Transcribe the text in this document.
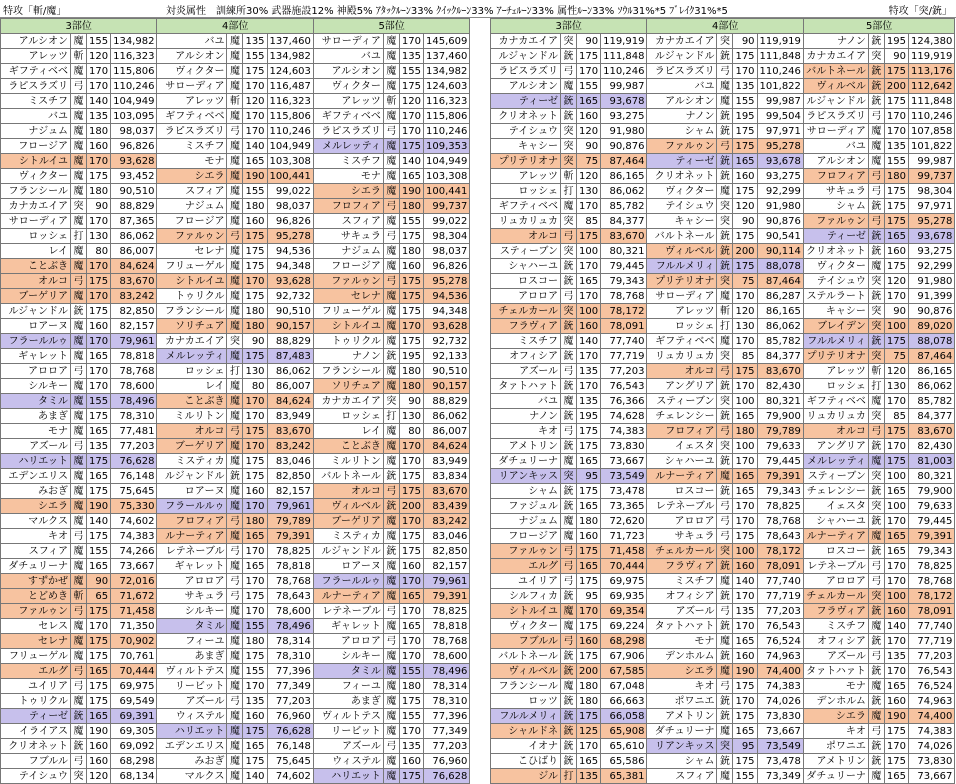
特攻「斬/魔」	対炎属性　訓練所30% 武器施設12% 神殿5% ｱﾀｯｸﾙｰﾝ33% ｸｲｯｸﾙｰﾝ33% ｱｰﾁｪﾙｰﾝ33% 属性ﾙｰﾝ33% ｿｳﾙ31%*5 ﾌﾞﾚｲｸ31%*5	特攻「突/銃」
3部位				4部位				5部位			
アルシオン	魔	155	134,982	バユ	魔	135	137,460	サローディア	魔	170	145,609
アレッツ	斬	120	116,323	アルシオン	魔	155	134,982	バユ	魔	135	137,460
ギフティベベ	魔	170	115,806	ヴィクター	魔	175	124,603	アルシオン	魔	155	134,982
ラピスラズリ	弓	170	110,246	サローディア	魔	170	116,487	ヴィクター	魔	175	124,603
ミスチフ	魔	140	104,949	アレッツ	斬	120	116,323	アレッツ	斬	120	116,323
バユ	魔	135	103,095	ギフティベベ	魔	170	115,806	ギフティベベ	魔	170	115,806
ナジュム	魔	180	98,037	ラピスラズリ	弓	170	110,246	ラピスラズリ	弓	170	110,246
フロージア	魔	160	96,826	ミスチフ	魔	140	104,949	メルレッティ	魔	175	109,353
シトルイユ	魔	170	93,628	モナ	魔	165	103,308	ミスチフ	魔	140	104,949
ヴィクター	魔	175	93,452	シエラ	魔	190	100,441	モナ	魔	165	103,308
フランシール	魔	180	90,510	スフィア	魔	155	99,022	シエラ	魔	190	100,441
カナカエイア	突	90	88,829	ナジュム	魔	180	98,037	フロフィア	弓	180	99,737
サローディア	魔	170	87,365	フロージア	魔	160	96,826	スフィア	魔	155	99,022
ロッシェ	打	130	86,062	ファルゥン	弓	175	95,278	サキュラ	弓	175	98,304
レイ	魔	80	86,007	セレナ	魔	175	94,536	ナジュム	魔	180	98,037
ことぶき	魔	170	84,624	フリューゲル	魔	175	94,348	フロージア	魔	160	96,826
オルコ	弓	175	83,670	シトルイユ	魔	170	93,628	ファルゥン	弓	175	95,278
ブーゲリア	魔	170	83,242	トゥリクル	魔	175	92,732	セレナ	魔	175	94,536
ルジャンドル	銃	175	82,850	フランシール	魔	180	90,510	フリューゲル	魔	175	94,348
ロアーヌ	魔	160	82,157	ソリチュア	魔	180	90,157	シトルイユ	魔	170	93,628
フラールルゥ	魔	170	79,961	カナカエイア	突	90	88,829	トゥリクル	魔	175	92,732
ギャレット	魔	165	78,818	メルレッティ	魔	175	87,483	ナノン	銃	195	92,133
アロロア	弓	170	78,768	ロッシェ	打	130	86,062	フランシール	魔	180	90,510
シルキー	魔	170	78,600	レイ	魔	80	86,007	ソリチュア	魔	180	90,157
タミル	魔	155	78,496	ことぶき	魔	170	84,624	カナカエイア	突	90	88,829
あまぎ	魔	175	78,310	ミルリトン	魔	170	83,949	ロッシェ	打	130	86,062
モナ	魔	165	77,481	オルコ	弓	175	83,670	レイ	魔	80	86,007
アズール	弓	135	77,203	ブーゲリア	魔	170	83,242	ことぶき	魔	170	84,624
ハリエット	魔	175	76,628	ミスティカ	魔	175	83,046	ミルリトン	魔	170	83,949
エデンエリス	魔	165	76,148	ルジャンドル	銃	175	82,850	バルトネール	銃	175	83,834
みおぎ	魔	175	75,645	ロアーヌ	魔	160	82,157	オルコ	弓	175	83,670
シエラ	魔	190	75,330	フラールルゥ	魔	170	79,961	ヴィルベル	銃	200	83,439
マルクス	魔	140	74,602	フロフィア	弓	180	79,789	ブーゲリア	魔	170	83,242
キオ	弓	175	74,383	ルナーティア	魔	165	79,391	ミスティカ	魔	175	83,046
スフィア	魔	155	74,266	レテネーブル	弓	170	78,825	ルジャンドル	銃	175	82,850
ダチュリーナ	魔	165	73,667	ギャレット	魔	165	78,818	ロアーヌ	魔	160	82,157
すずかぜ	魔	90	72,016	アロロア	弓	170	78,768	フラールルゥ	魔	170	79,961
とどめき	斬	65	71,672	サキュラ	弓	175	78,643	ルナーティア	魔	165	79,391
ファルゥン	弓	175	71,458	シルキー	魔	170	78,600	レテネーブル	弓	170	78,825
セレス	魔	170	71,350	タミル	魔	155	78,496	ギャレット	魔	165	78,818
セレナ	魔	175	70,902	フィーユ	魔	180	78,314	アロロア	弓	170	78,768
フリューゲル	魔	175	70,761	あまぎ	魔	175	78,310	シルキー	魔	170	78,600
エルグ	弓	165	70,444	ヴィルトテス	魔	155	77,396	タミル	魔	155	78,496
ユイリア	弓	175	69,975	リービット	魔	170	77,349	フィーユ	魔	180	78,314
トゥリクル	魔	175	69,549	アズール	弓	135	77,203	あまぎ	魔	175	78,310
ティーゼ	銃	165	69,391	ウィステル	魔	160	76,960	ヴィルトテス	魔	155	77,396
イライアス	魔	190	69,305	ハリエット	魔	175	76,628	リービット	魔	170	77,349
クリオネット	銃	160	69,092	エデンエリス	魔	165	76,148	アズール	弓	135	77,203
フブルル	弓	160	68,298	みおぎ	魔	175	75,645	ウィステル	魔	160	76,960
テイシュウ	突	120	68,134	マルクス	魔	140	74,602	ハリエット	魔	175	76,628
3部位				4部位				5部位			
カナカエイア	突	90	119,919	カナカエイア	突	90	119,919	ナノン	銃	195	124,380
ルジャンドル	銃	175	111,848	ルジャンドル	銃	175	111,848	カナカエイア	突	90	119,919
ラピスラズリ	弓	170	110,246	ラピスラズリ	弓	170	110,246	バルトネール	銃	175	113,176
アルシオン	魔	155	99,987	バユ	魔	135	101,822	ヴィルベル	銃	200	112,642
ティーゼ	銃	165	93,678	アルシオン	魔	155	99,987	ルジャンドル	銃	175	111,848
クリオネット	銃	160	93,275	ナノン	銃	195	99,504	ラピスラズリ	弓	170	110,246
テイシュウ	突	120	91,980	シャム	銃	175	97,971	サローディア	魔	170	107,858
キャシー	突	90	90,876	ファルゥン	弓	175	95,278	バユ	魔	135	101,822
プリテリオナ	突	75	87,464	ティーゼ	銃	165	93,678	アルシオン	魔	155	99,987
アレッツ	斬	120	86,165	クリオネット	銃	160	93,275	フロフィア	弓	180	99,737
ロッシェ	打	130	86,062	ヴィクター	魔	175	92,299	サキュラ	弓	175	98,304
ギフティベベ	魔	170	85,782	テイシュウ	突	120	91,980	シャム	銃	175	97,971
リュカリュカ	突	85	84,377	キャシー	突	90	90,876	ファルゥン	弓	175	95,278
オルコ	弓	175	83,670	バルトネール	銃	175	90,541	ティーゼ	銃	165	93,678
スティーブン	突	100	80,321	ヴィルベル	銃	200	90,114	クリオネット	銃	160	93,275
シャハーユ	銃	170	79,445	フルルメリィ	銃	175	88,078	ヴィクター	魔	175	92,299
ロスコー	銃	165	79,343	プリテリオナ	突	75	87,464	テイシュウ	突	120	91,980
アロロア	弓	170	78,768	サローディア	魔	170	86,287	ステルラート	銃	170	91,399
チェルカール	突	100	78,172	アレッツ	斬	120	86,165	キャシー	突	90	90,876
フラヴィア	銃	160	78,091	ロッシェ	打	130	86,062	ブレイデン	突	100	89,020
ミスチフ	魔	140	77,740	ギフティベベ	魔	170	85,782	フルルメリィ	銃	175	88,078
オフィシア	銃	170	77,719	リュカリュカ	突	85	84,377	プリテリオナ	突	75	87,464
アズール	弓	135	77,203	オルコ	弓	175	83,670	アレッツ	斬	120	86,165
タァトハァト	銃	170	76,543	アングリア	銃	170	82,430	ロッシェ	打	130	86,062
バユ	魔	135	76,366	スティーブン	突	100	80,321	ギフティベベ	魔	170	85,782
ナノン	銃	195	74,628	チェレンシー	銃	165	79,900	リュカリュカ	突	85	84,377
キオ	弓	175	74,383	フロフィア	弓	180	79,789	オルコ	弓	175	83,670
アメトリン	銃	175	73,830	イェスタ	突	100	79,633	アングリア	銃	170	82,430
ダチュリーナ	魔	165	73,667	シャハーユ	銃	170	79,445	メルレッティ	魔	175	81,003
リアンキッス	突	95	73,549	ルナーティア	魔	165	79,391	スティーブン	突	100	80,321
シャム	銃	175	73,478	ロスコー	銃	165	79,343	チェレンシー	銃	165	79,900
ファジュル	銃	165	73,365	レテネーブル	弓	170	78,825	イェスタ	突	100	79,633
ナジュム	魔	180	72,620	アロロア	弓	170	78,768	シャハーユ	銃	170	79,445
フロージア	魔	160	71,723	サキュラ	弓	175	78,643	ルナーティア	魔	165	79,391
ファルゥン	弓	175	71,458	チェルカール	突	100	78,172	ロスコー	銃	165	79,343
エルグ	弓	165	70,444	フラヴィア	銃	160	78,091	レテネーブル	弓	170	78,825
ユイリア	弓	175	69,975	ミスチフ	魔	140	77,740	アロロア	弓	170	78,768
シルフィカ	銃	95	69,935	オフィシア	銃	170	77,719	チェルカール	突	100	78,172
シトルイユ	魔	170	69,354	アズール	弓	135	77,203	フラヴィア	銃	160	78,091
ヴィクター	魔	175	69,224	タァトハァト	銃	170	76,543	ミスチフ	魔	140	77,740
フブルル	弓	160	68,298	モナ	魔	165	76,524	オフィシア	銃	170	77,719
バルトネール	銃	175	67,906	デンホルム	銃	160	74,963	アズール	弓	135	77,203
ヴィルベル	銃	200	67,585	シエラ	魔	190	74,400	タァトハァト	銃	170	76,543
フランシール	魔	180	67,048	キオ	弓	175	74,383	モナ	魔	165	76,524
ロッツ	銃	180	66,663	ポワニエ	銃	170	74,026	デンホルム	銃	160	74,963
フルルメリィ	銃	175	66,058	アメトリン	銃	175	73,830	シエラ	魔	190	74,400
シャルドネ	銃	125	65,908	ダチュリーナ	魔	165	73,667	キオ	弓	175	74,383
イオナ	銃	170	65,610	リアンキッス	突	95	73,549	ポワニエ	銃	170	74,026
こひばり	銃	165	65,586	シャム	銃	175	73,478	アメトリン	銃	175	73,830
ジル	打	135	65,381	スフィア	魔	155	73,349	ダチュリーナ	魔	165	73,667
